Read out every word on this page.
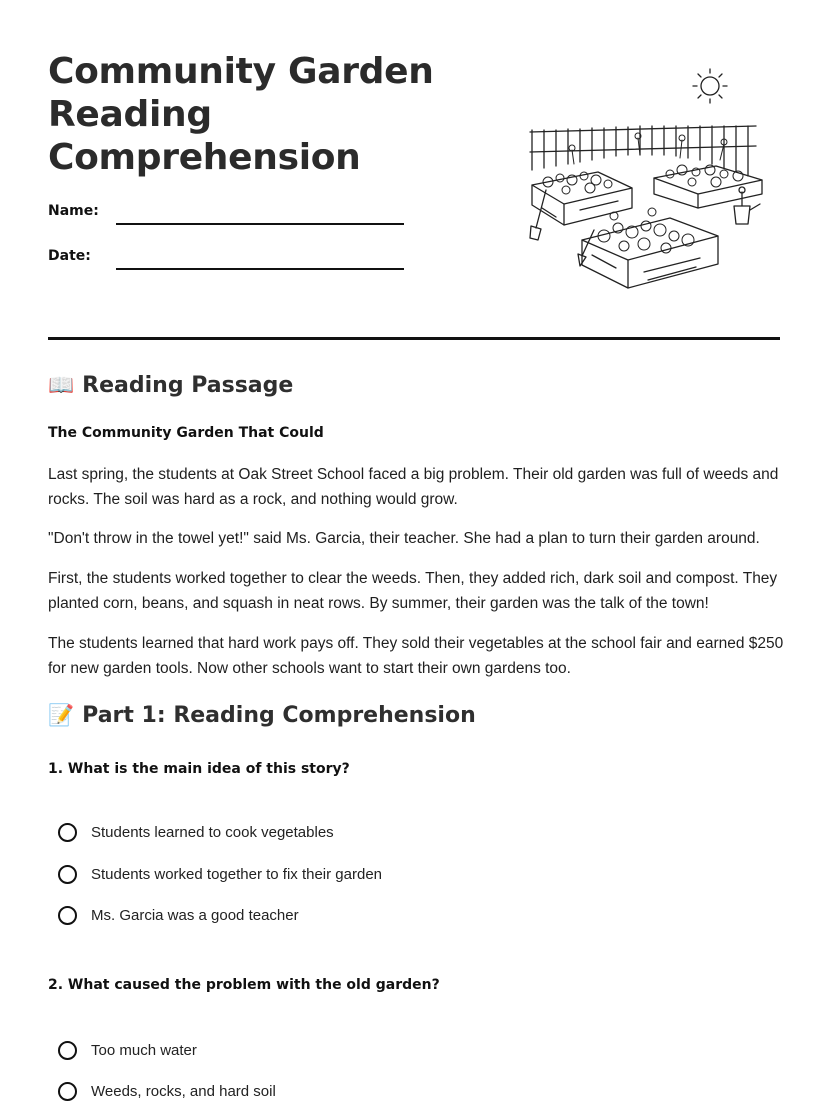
Community Garden Reading Comprehension
Name:
Date:
📖 Reading Passage
The Community Garden That Could

Last spring, the students at Oak Street School faced a big problem. Their old garden was full of weeds and rocks. The soil was hard as a rock, and nothing would grow.

"Don't throw in the towel yet!" said Ms. Garcia, their teacher. She had a plan to turn their garden around.

First, the students worked together to clear the weeds. Then, they added rich, dark soil and compost. They planted corn, beans, and squash in neat rows. By summer, their garden was the talk of the town!

The students learned that hard work pays off. They sold their vegetables at the school fair and earned $250 for new garden tools. Now other schools want to start their own gardens too.

📝 Part 1: Reading Comprehension
1. What is the main idea of this story?
Students learned to cook vegetables
Students worked together to fix their garden
Ms. Garcia was a good teacher
2. What caused the problem with the old garden?
Too much water
Weeds, rocks, and hard soil
